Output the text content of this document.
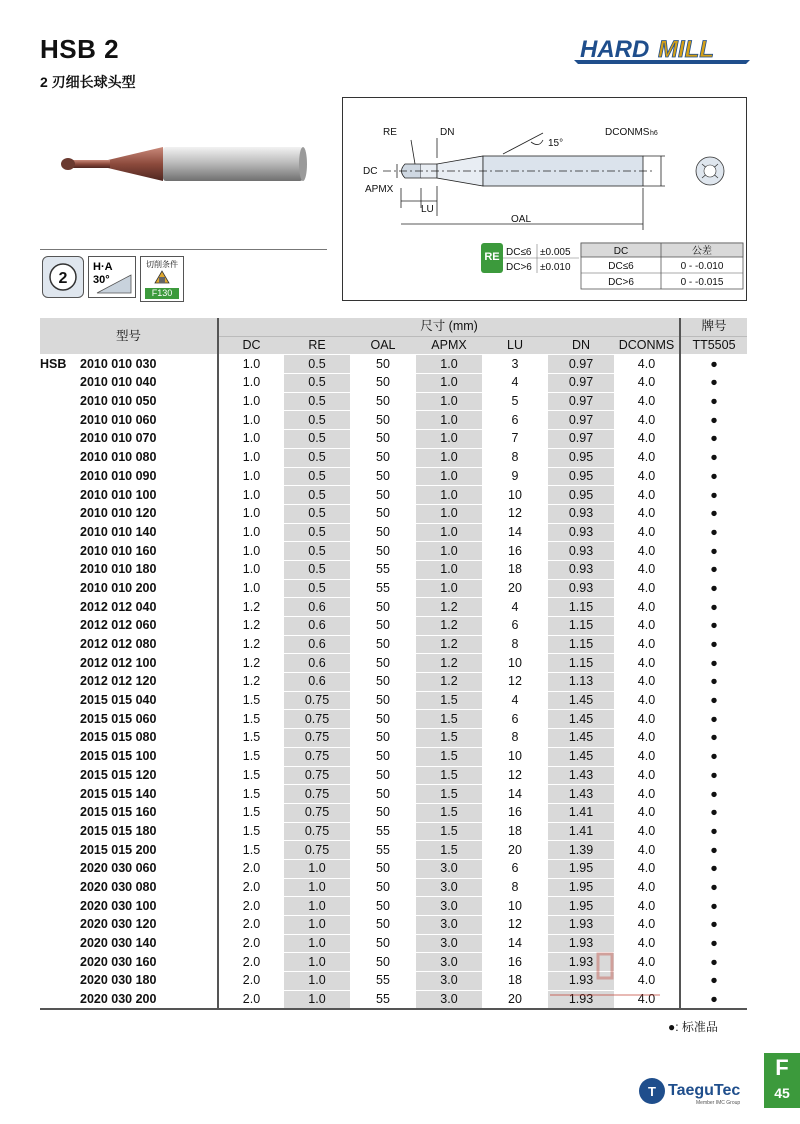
HSB 2
2 刃细长球头型
HARD MILL
2
H·A
30°
切削条件
F130
RE	DN
DC
APMX
LU
OAL
15°
DCONMS h6
RE DC≤6 ±0.005
DC>6 ±0.010
DC	公差
DC≤6	0 - -0.010
DC>6	0 - -0.015
型号	尺寸 (mm)							牌号
	DC	RE	OAL	APMX	LU	DN	DCONMS	TT5505
HSB 2010 010 030	1.0	0.5	50	1.0	3	0.97	4.0	●
2010 010 040	1.0	0.5	50	1.0	4	0.97	4.0	●
2010 010 050	1.0	0.5	50	1.0	5	0.97	4.0	●
2010 010 060	1.0	0.5	50	1.0	6	0.97	4.0	●
2010 010 070	1.0	0.5	50	1.0	7	0.97	4.0	●
2010 010 080	1.0	0.5	50	1.0	8	0.95	4.0	●
2010 010 090	1.0	0.5	50	1.0	9	0.95	4.0	●
2010 010 100	1.0	0.5	50	1.0	10	0.95	4.0	●
2010 010 120	1.0	0.5	50	1.0	12	0.93	4.0	●
2010 010 140	1.0	0.5	50	1.0	14	0.93	4.0	●
2010 010 160	1.0	0.5	50	1.0	16	0.93	4.0	●
2010 010 180	1.0	0.5	55	1.0	18	0.93	4.0	●
2010 010 200	1.0	0.5	55	1.0	20	0.93	4.0	●
2012 012 040	1.2	0.6	50	1.2	4	1.15	4.0	●
2012 012 060	1.2	0.6	50	1.2	6	1.15	4.0	●
2012 012 080	1.2	0.6	50	1.2	8	1.15	4.0	●
2012 012 100	1.2	0.6	50	1.2	10	1.15	4.0	●
2012 012 120	1.2	0.6	50	1.2	12	1.13	4.0	●
2015 015 040	1.5	0.75	50	1.5	4	1.45	4.0	●
2015 015 060	1.5	0.75	50	1.5	6	1.45	4.0	●
2015 015 080	1.5	0.75	50	1.5	8	1.45	4.0	●
2015 015 100	1.5	0.75	50	1.5	10	1.45	4.0	●
2015 015 120	1.5	0.75	50	1.5	12	1.43	4.0	●
2015 015 140	1.5	0.75	50	1.5	14	1.43	4.0	●
2015 015 160	1.5	0.75	50	1.5	16	1.41	4.0	●
2015 015 180	1.5	0.75	55	1.5	18	1.41	4.0	●
2015 015 200	1.5	0.75	55	1.5	20	1.39	4.0	●
2020 030 060	2.0	1.0	50	3.0	6	1.95	4.0	●
2020 030 080	2.0	1.0	50	3.0	8	1.95	4.0	●
2020 030 100	2.0	1.0	50	3.0	10	1.95	4.0	●
2020 030 120	2.0	1.0	50	3.0	12	1.93	4.0	●
2020 030 140	2.0	1.0	50	3.0	14	1.93	4.0	●
2020 030 160	2.0	1.0	50	3.0	16	1.93	4.0	●
2020 030 180	2.0	1.0	55	3.0	18	1.93	4.0	●
2020 030 200	2.0	1.0	55	3.0	20	1.93	4.0	●
●: 标准品
F
45
T TaeguTec
Member IMC Group
